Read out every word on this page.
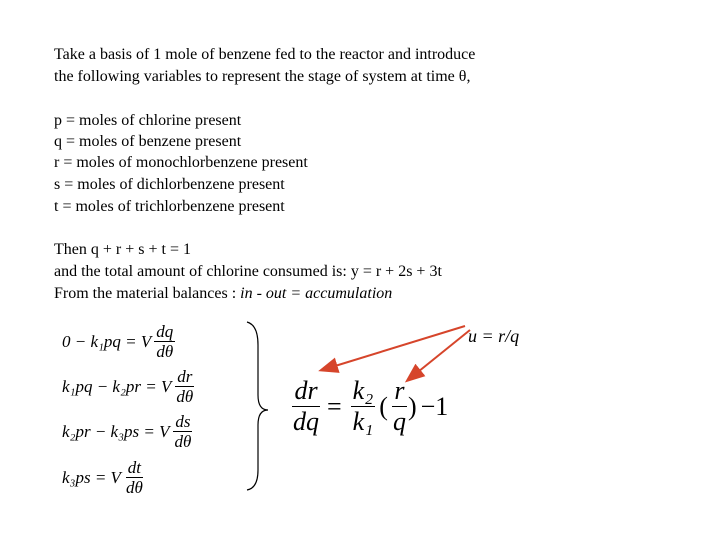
Take a basis of 1 mole of benzene fed to the reactor and introduce
the following variables to represent the stage of system at time θ,
p = moles of chlorine present
q = moles of benzene present
r = moles of monochlorbenzene present
s = moles of dichlorbenzene present
t = moles of trichlorbenzene present
Then q + r + s + t = 1
and the total amount of chlorine consumed is: y = r + 2s + 3t
From the material balances : in - out = accumulation
0 − k₁pq = V $\frac{dq}{d\theta}$
k₁pq − k₂pr = V $\frac{dr}{d\theta}$
k₂pr − k₃ps = V $\frac{ds}{d\theta}$
k₃ps = V $\frac{dt}{d\theta}$
$\frac{dr}{dq} = \frac{\text{k₂}}{\text{k₁}}$ ( $\frac{r}{q}$ ) −1
u = r/q
